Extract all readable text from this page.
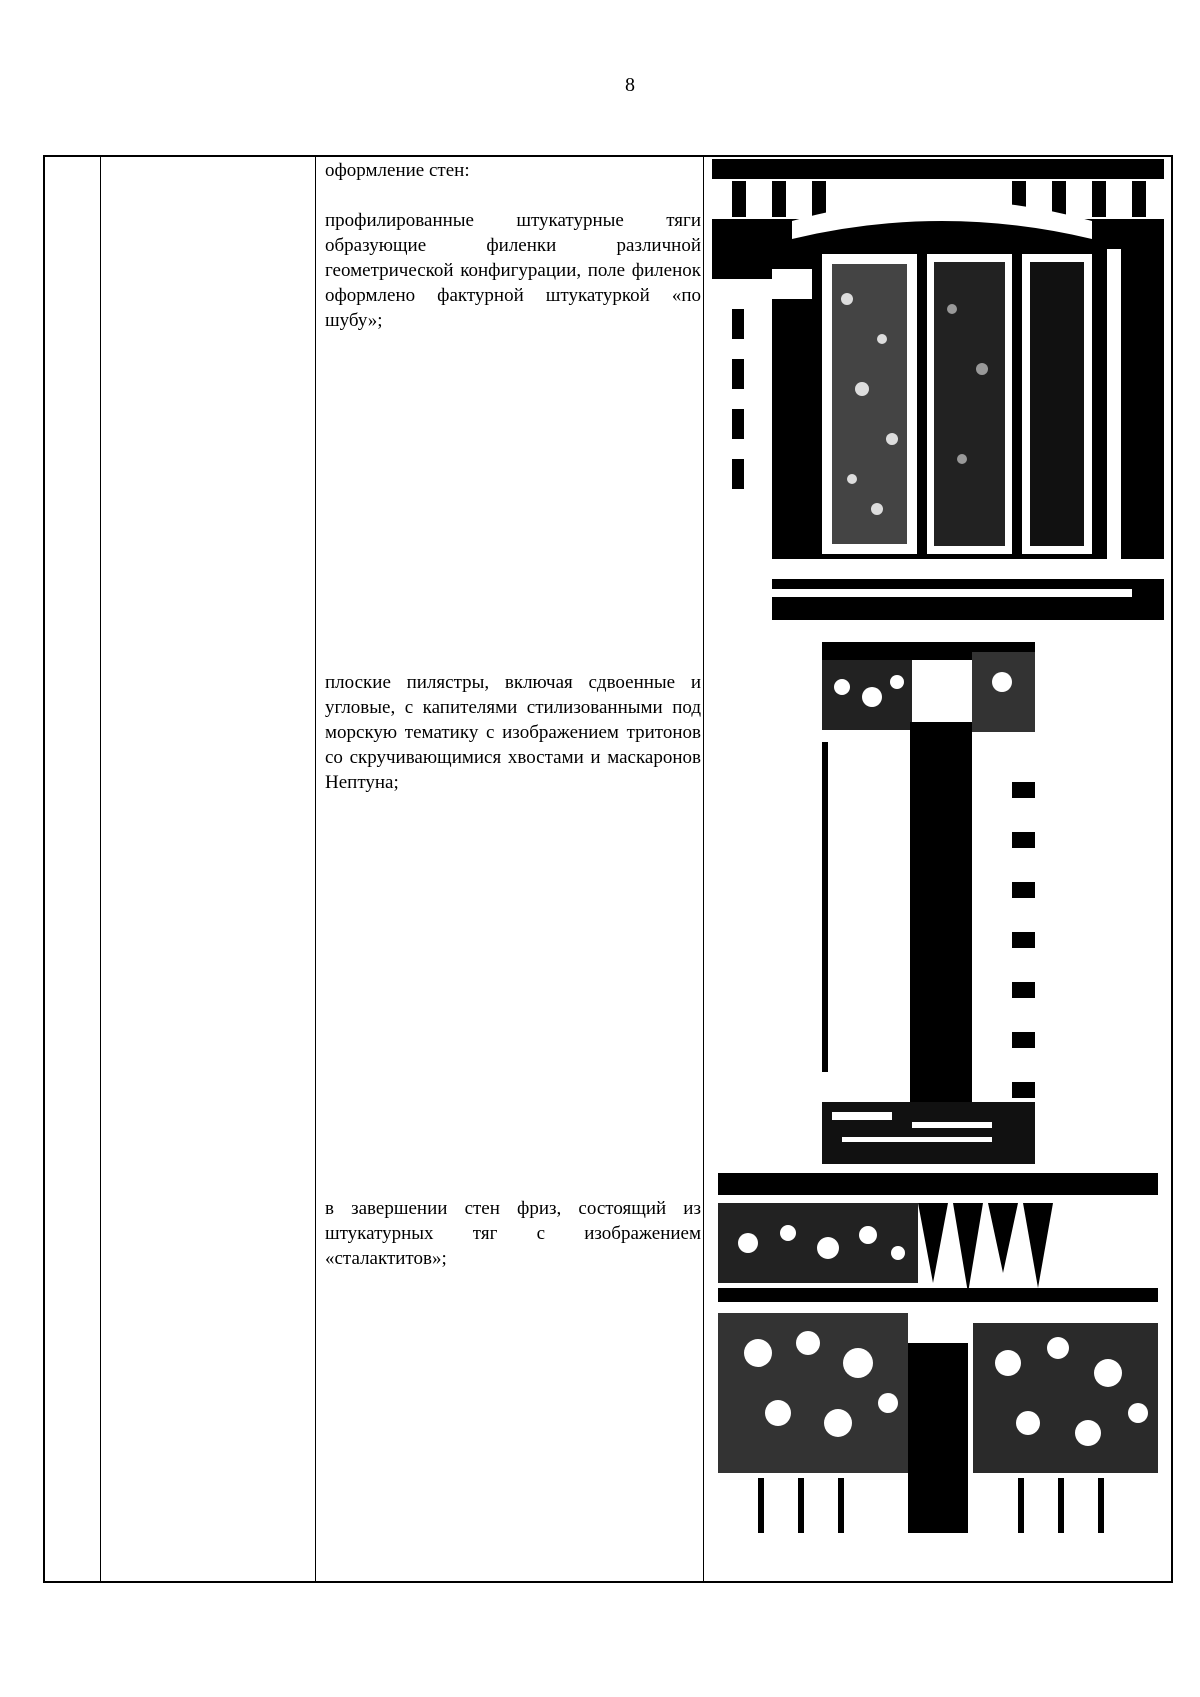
8

оформление стен:

профилированные штукатурные тяги образующие филенки различной геометрической конфигурации, поле филенок оформлено фактурной штукатуркой «по шубу»;

плоские пилястры, включая сдвоенные и угловые, с капителями стилизованными под морскую тематику с изображением тритонов со скручивающимися хвостами и маскаронов Нептуна;

в завершении стен фриз, состоящий из штукатурных тяг с изображением «сталактитов»;
